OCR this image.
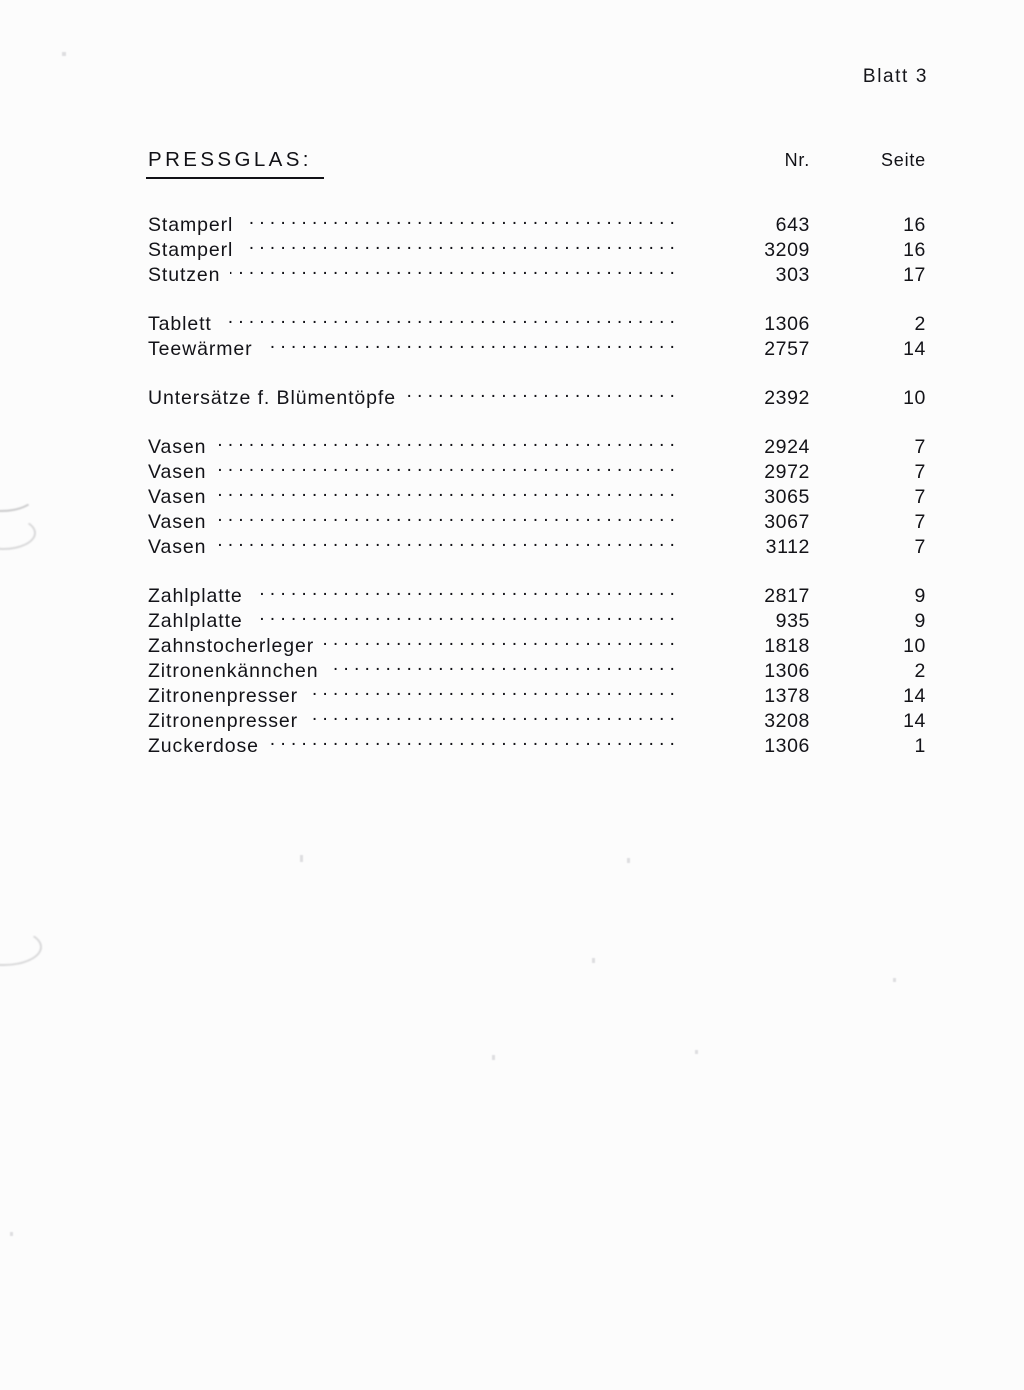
Blatt 3
PRESSGLAS:	Nr.	Seite
Stamperl .....	643	16
Stamperl .....	3209	16
Stutzen .....	303	17
Tablett .....	1306	2
Teewärmer .....	2757	14
Untersätze f. Blümentöpfe .....	2392	10
Vasen .....	2924	7
Vasen .....	2972	7
Vasen .....	3065	7
Vasen .....	3067	7
Vasen .....	3112	7
Zahlplatte .....	2817	9
Zahlplatte .....	935	9
Zahnstocherleger .....	1818	10
Zitronenkännchen .....	1306	2
Zitronenpresser .....	1378	14
Zitronenpresser .....	3208	14
Zuckerdose .....	1306	1
